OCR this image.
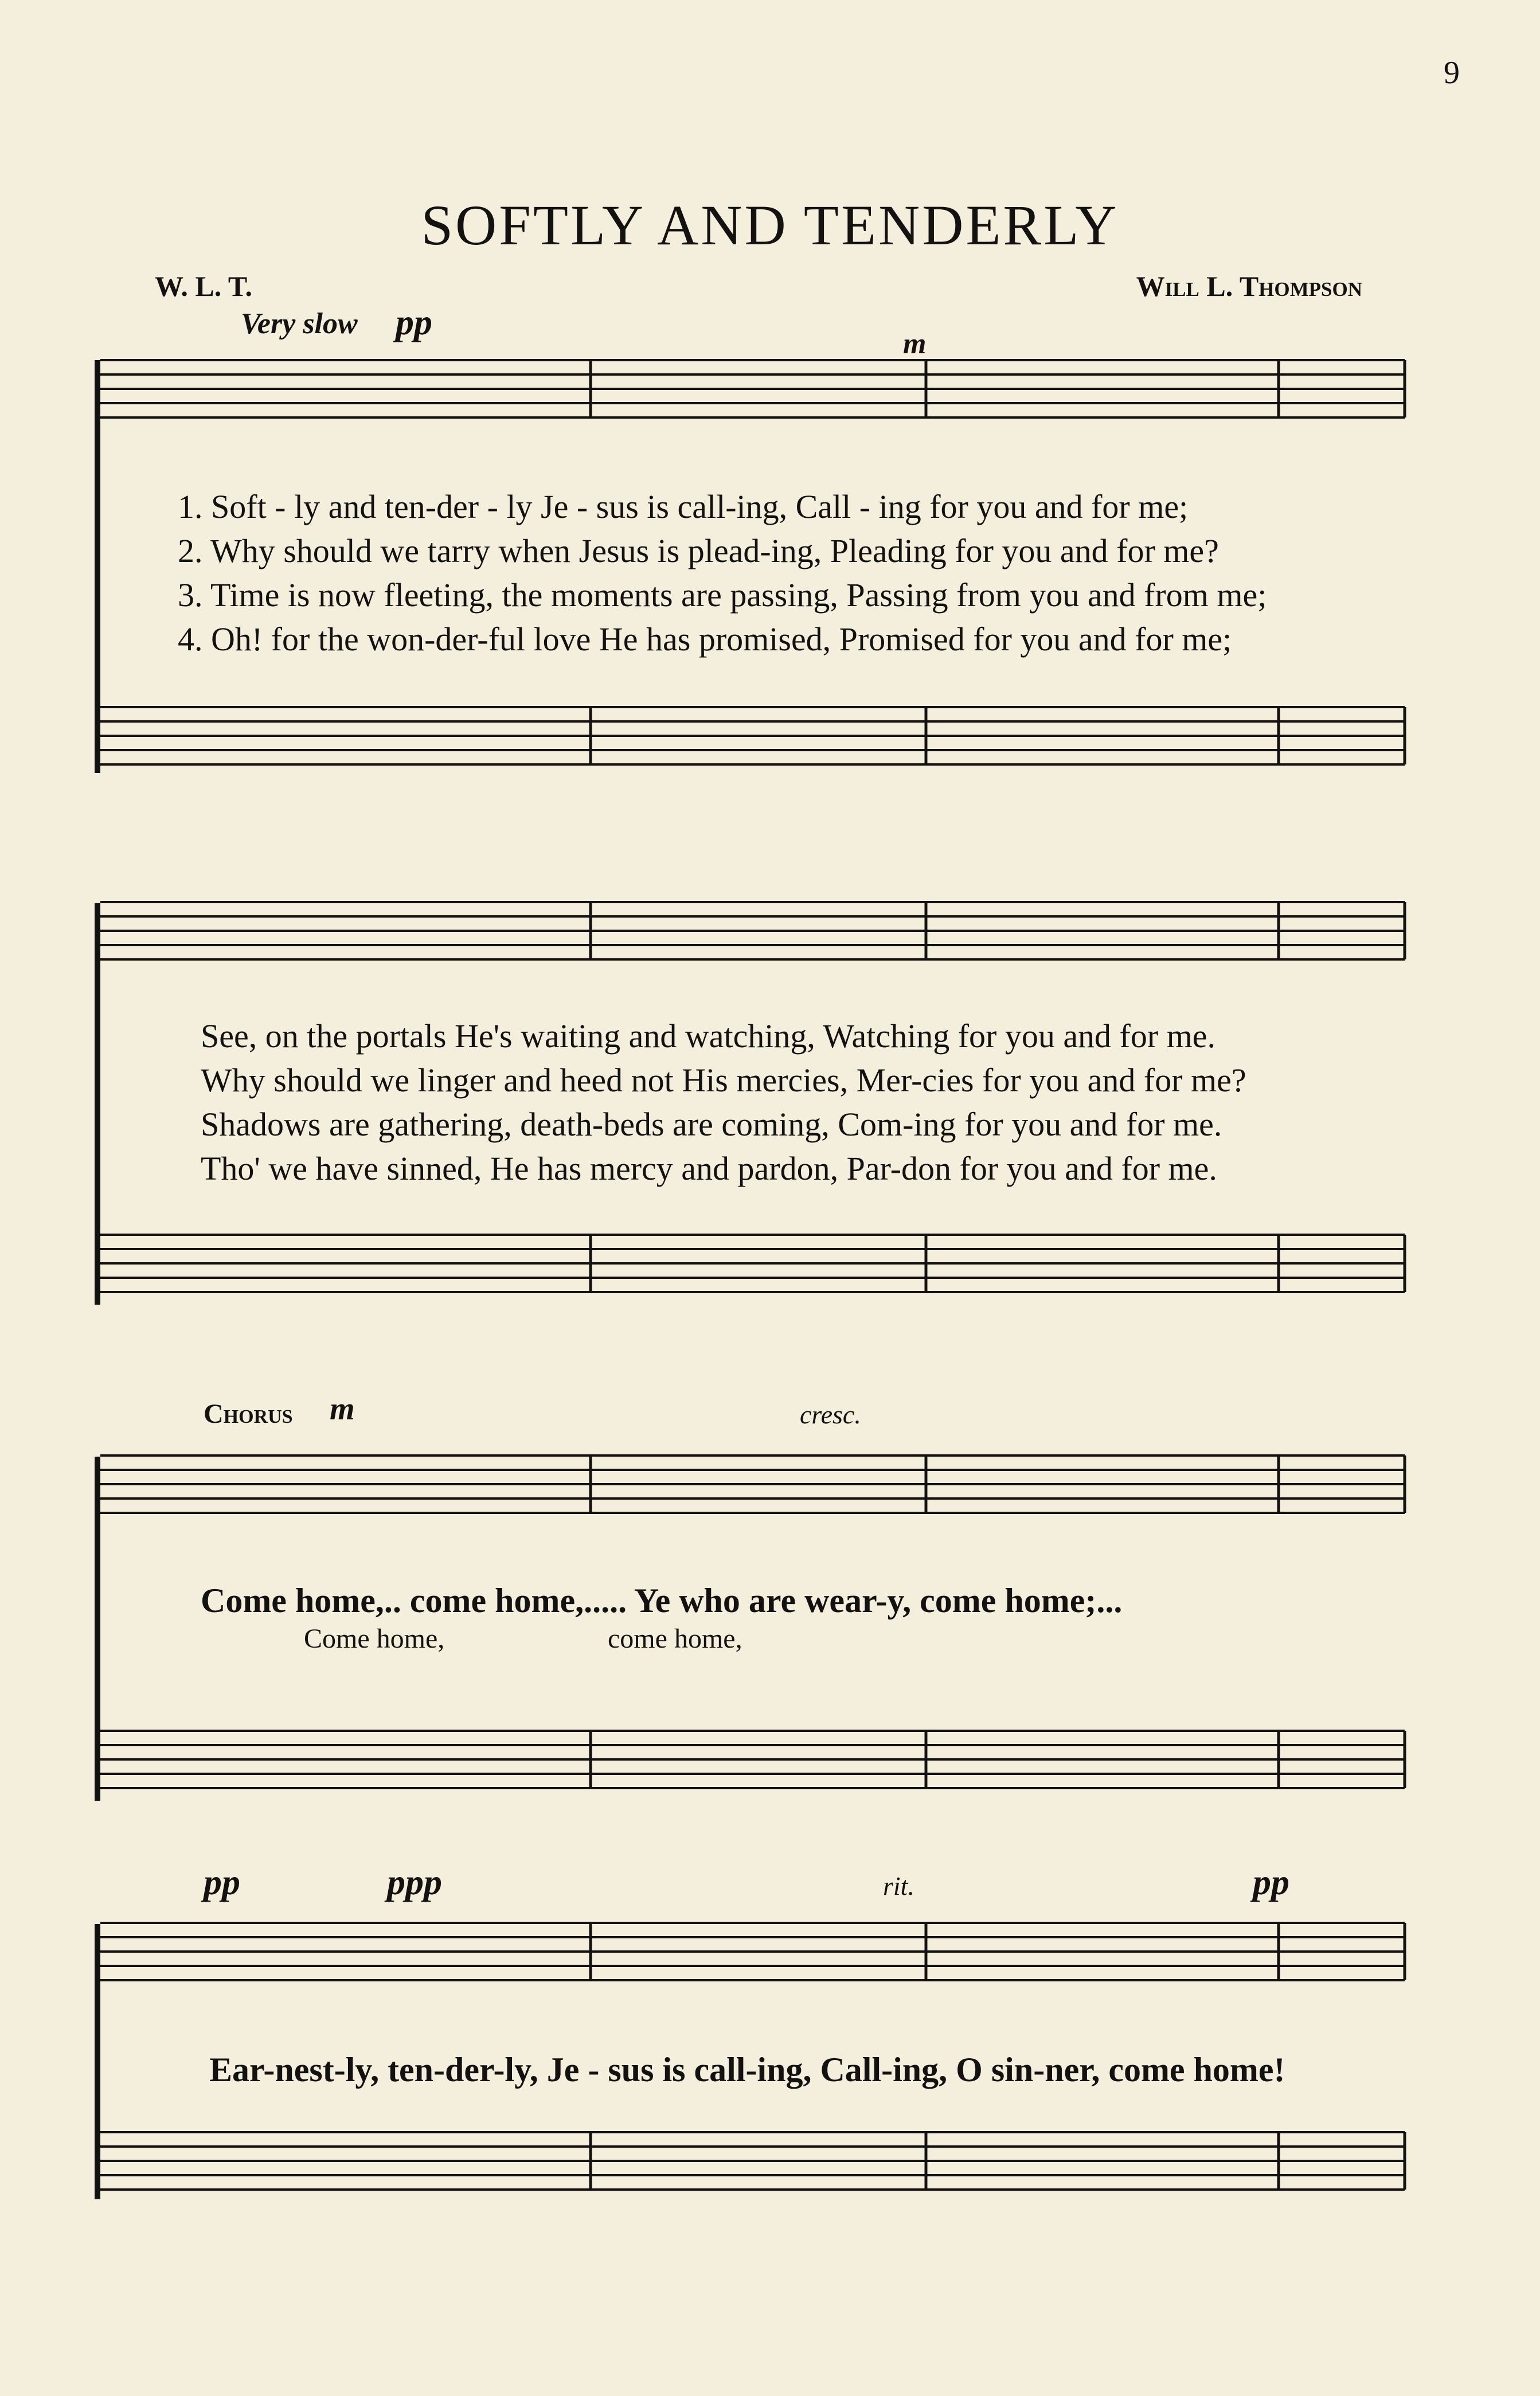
9
SOFTLY AND TENDERLY
W. L. T.	Will L. Thompson
Very slow pp
m
1. Soft - ly and ten-der - ly Je - sus is call-ing, Call - ing for you and for me;
2. Why should we tarry when Jesus is plead-ing, Pleading for you and for me?
3. Time is now fleeting, the moments are passing, Passing from you and from me;
4. Oh! for the won-der-ful love He has promised, Promised for you and for me;
See, on the portals He's waiting and watching, Watching for you and for me.
Why should we linger and heed not His mercies, Mer-cies for you and for me?
Shadows are gathering, death-beds are coming, Com-ing for you and for me.
Tho' we have sinned, He has mercy and pardon, Par-don for you and for me.
Chorus m	cresc.
Come home,.. come home,..... Ye who are wear-y, come home;...
Come home,	come home,
pp	ppp	rit.	pp
Ear-nest-ly, ten-der-ly, Je - sus is call-ing, Call-ing, O sin-ner, come home!
